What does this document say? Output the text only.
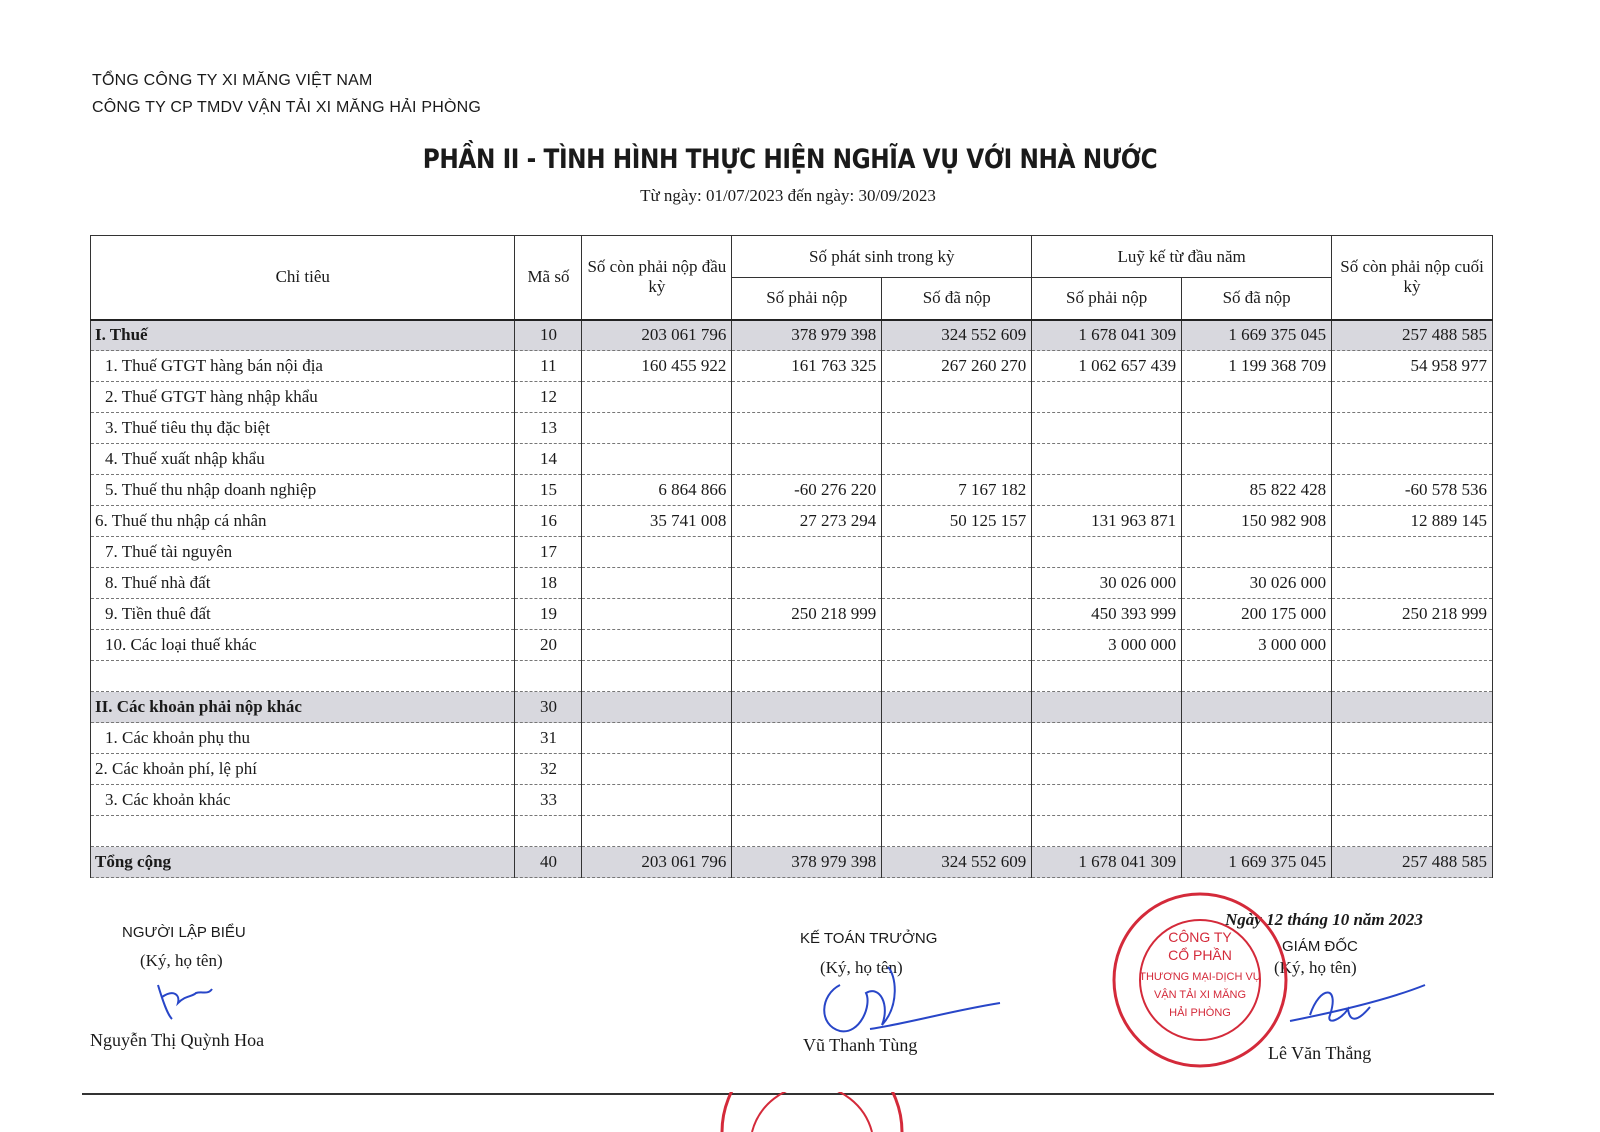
TỔNG CÔNG TY XI MĂNG VIỆT NAM
CÔNG TY CP TMDV VẬN TẢI XI MĂNG HẢI PHÒNG
PHẦN II - TÌNH HÌNH THỰC HIỆN NGHĨA VỤ VỚI NHÀ NƯỚC
Từ ngày: 01/07/2023 đến ngày: 30/09/2023
Chỉ tiêu	Mã số	Số còn phải nộp đầu kỳ	Số phát sinh trong kỳ		Luỹ kế từ đầu năm		Số còn phải nộp cuối kỳ
			Số phải nộp	Số đã nộp	Số phải nộp	Số đã nộp	
I. Thuế	10	203 061 796	378 979 398	324 552 609	1 678 041 309	1 669 375 045	257 488 585
1. Thuế GTGT hàng bán nội địa	11	160 455 922	161 763 325	267 260 270	1 062 657 439	1 199 368 709	54 958 977
2. Thuế GTGT hàng nhập khẩu	12						
3. Thuế tiêu thụ đặc biệt	13						
4. Thuế xuất nhập khẩu	14						
5. Thuế thu nhập doanh nghiệp	15	6 864 866	-60 276 220	7 167 182		85 822 428	-60 578 536
6. Thuế thu nhập cá nhân	16	35 741 008	27 273 294	50 125 157	131 963 871	150 982 908	12 889 145
7. Thuế tài nguyên	17						
8. Thuế nhà đất	18				30 026 000	30 026 000	
9. Tiền thuê đất	19		250 218 999		450 393 999	200 175 000	250 218 999
10. Các loại thuế khác	20				3 000 000	3 000 000	

II. Các khoản phải nộp khác	30						
1. Các khoản phụ thu	31						
2. Các khoản phí, lệ phí	32						
3. Các khoản khác	33						

Tổng cộng	40	203 061 796	378 979 398	324 552 609	1 678 041 309	1 669 375 045	257 488 585
NGƯỜI LẬP BIỂU
(Ký, họ tên)
Nguyễn Thị Quỳnh Hoa
KẾ TOÁN TRƯỞNG
(Ký, họ tên)
Vũ Thanh Tùng
Ngày 12 tháng 10 năm 2023
GIÁM ĐỐC
(Ký, họ tên)
Lê Văn Thắng
CÔNG TY
CỔ PHẦN
THƯƠNG MẠI-DỊCH VỤ
VẬN TẢI XI MĂNG
HẢI PHÒNG
